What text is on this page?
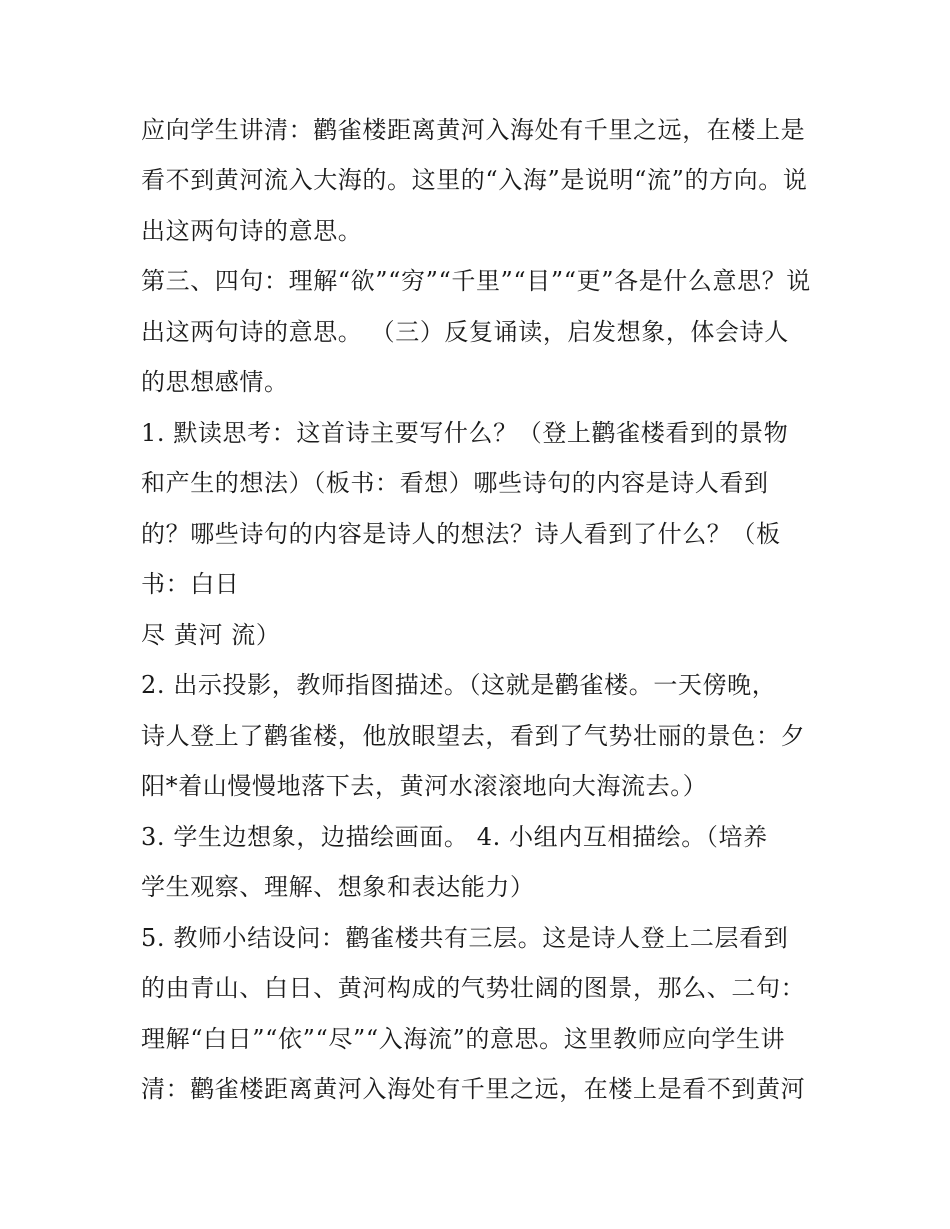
应向学生讲清：鹳雀楼距离黄河入海处有千里之远，在楼上是
看不到黄河流入大海的。这里的“入海”是说明“流”的方向。说
出这两句诗的意思。
第三、四句：理解“欲”“穷”“千里”“目”“更”各是什么意思？说
出这两句诗的意思。 （三）反复诵读，启发想象，体会诗人
的思想感情。
1. 默读思考：这首诗主要写什么？（登上鹳雀楼看到的景物
和产生的想法）（板书：看想）哪些诗句的内容是诗人看到
的？哪些诗句的内容是诗人的想法？诗人看到了什么？（板
书：白日
尽 黄河 流）
2. 出示投影，教师指图描述。（这就是鹳雀楼。一天傍晚，
诗人登上了鹳雀楼，他放眼望去，看到了气势壮丽的景色：夕
阳*着山慢慢地落下去，黄河水滚滚地向大海流去。）
3. 学生边想象，边描绘画面。 4. 小组内互相描绘。（培养
学生观察、理解、想象和表达能力）
5. 教师小结设问：鹳雀楼共有三层。这是诗人登上二层看到
的由青山、白日、黄河构成的气势壮阔的图景，那么、二句：
理解“白日”“依”“尽”“入海流”的意思。这里教师应向学生讲
清：鹳雀楼距离黄河入海处有千里之远，在楼上是看不到黄河
